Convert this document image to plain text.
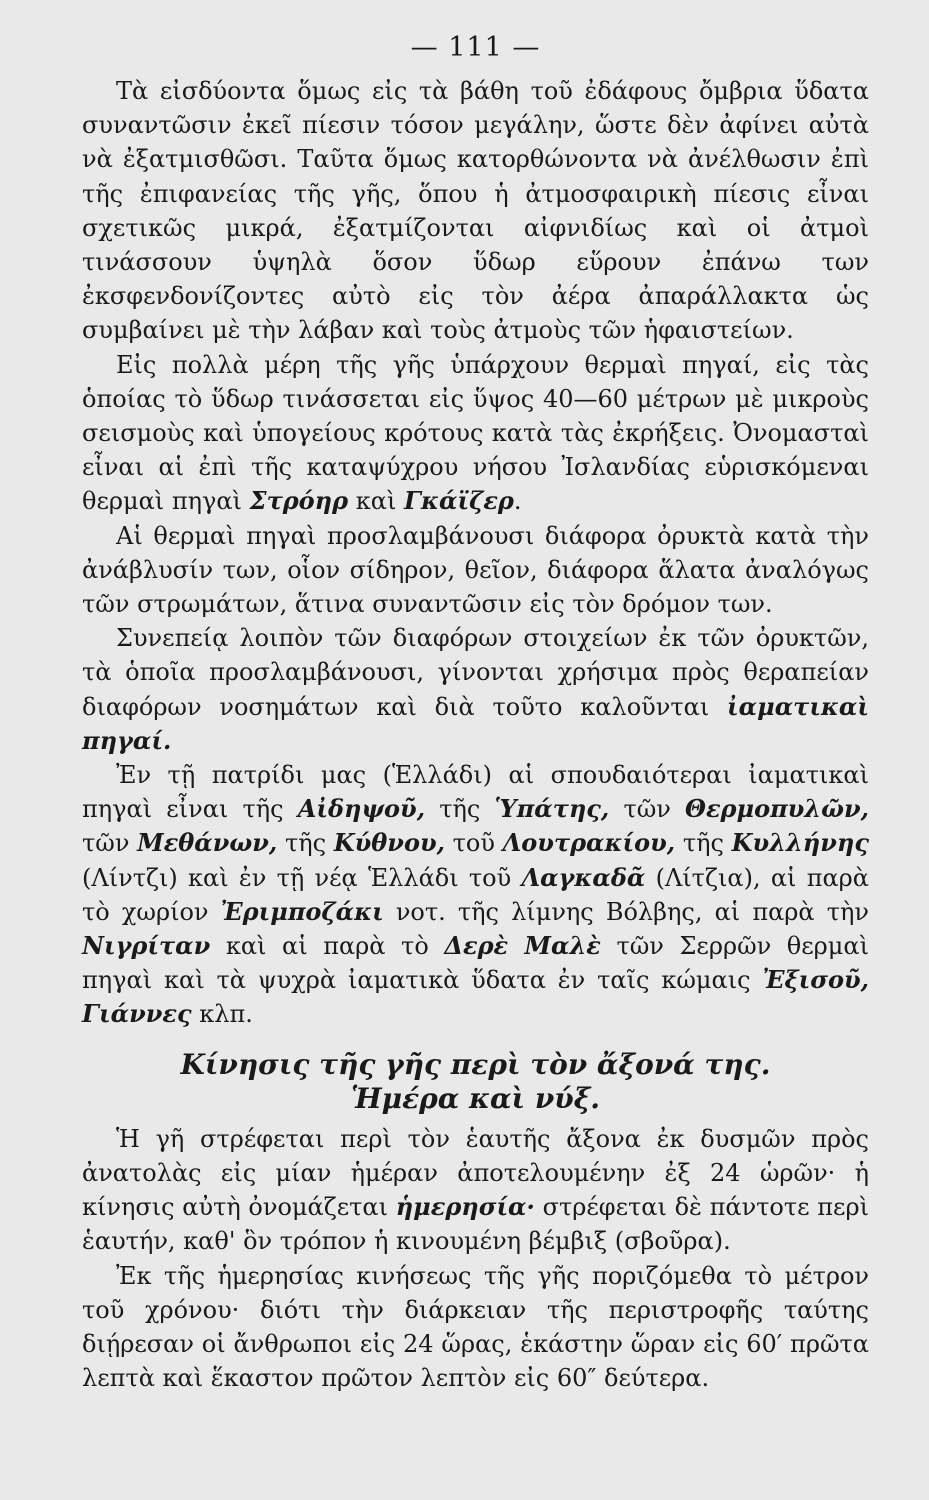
— 111 —

Τὰ εἰσδύοντα ὅμως εἰς τὰ βάθη τοῦ ἐδάφους ὄμβρια ὕδατα συναντῶσιν ἐκεῖ πίεσιν τόσον μεγάλην, ὥστε δὲν ἀφίνει αὐτὰ νὰ ἐξατμισθῶσι. Ταῦτα ὅμως κατορθώνοντα νὰ ἀνέλθωσιν ἐπὶ τῆς ἐπιφανείας τῆς γῆς, ὅπου ἡ ἀτμοσφαιρικὴ πίεσις εἶναι σχετικῶς μικρά, ἐξατμίζονται αἰφνιδίως καὶ οἱ ἀτμοὶ τινάσσουν ὑψηλὰ ὅσον ὕδωρ εὕρουν ἐπάνω των ἐκσφενδονίζοντες αὐτὸ εἰς τὸν ἀέρα ἀπαράλλακτα ὡς συμβαίνει μὲ τὴν λάβαν καὶ τοὺς ἀτμοὺς τῶν ἡφαιστείων.

Εἰς πολλὰ μέρη τῆς γῆς ὑπάρχουν θερμαὶ πηγαί, εἰς τὰς ὁποίας τὸ ὕδωρ τινάσσεται εἰς ὕψος 40—60 μέτρων μὲ μικροὺς σεισμοὺς καὶ ὑπογείους κρότους κατὰ τὰς ἐκρήξεις. Ὀνομασταὶ εἶναι αἱ ἐπὶ τῆς καταψύχρου νήσου Ἰσλανδίας εὑρισκόμεναι θερμαὶ πηγαὶ Στρόηρ καὶ Γκάϊζερ.

Αἱ θερμαὶ πηγαὶ προσλαμβάνουσι διάφορα ὀρυκτὰ κατὰ τὴν ἀνάβλυσίν των, οἷον σίδηρον, θεῖον, διάφορα ἅλατα ἀναλόγως τῶν στρωμάτων, ἅτινα συναντῶσιν εἰς τὸν δρόμον των.

Συνεπείᾳ λοιπὸν τῶν διαφόρων στοιχείων ἐκ τῶν ὀρυκτῶν, τὰ ὁποῖα προσλαμβάνουσι, γίνονται χρήσιμα πρὸς θεραπείαν διαφόρων νοσημάτων καὶ διὰ τοῦτο καλοῦνται ἰαματικαὶ πηγαί.

Ἐν τῇ πατρίδι μας (Ἑλλάδι) αἱ σπουδαιότεραι ἰαματικαὶ πηγαὶ εἶναι τῆς Αἰδηψοῦ, τῆς Ὑπάτης, τῶν Θερμοπυλῶν, τῶν Μεθάνων, τῆς Κύθνου, τοῦ Λουτρακίου, τῆς Κυλλήνης (Λίντζι) καὶ ἐν τῇ νέᾳ Ἑλλάδι τοῦ Λαγκαδᾶ (Λίτζια), αἱ παρὰ τὸ χωρίον Ἐριμποζάκι νοτ. τῆς λίμνης Βόλβης, αἱ παρὰ τὴν Νιγρίταν καὶ αἱ παρὰ τὸ Δερὲ Μαλὲ τῶν Σερρῶν θερμαὶ πηγαὶ καὶ τὰ ψυχρὰ ἰαματικὰ ὕδατα ἐν ταῖς κώμαις Ἐξισοῦ, Γιάννες κλπ.

Κίνησις τῆς γῆς περὶ τὸν ἄξονά της.
Ἡμέρα καὶ νύξ.

Ἡ γῆ στρέφεται περὶ τὸν ἑαυτῆς ἄξονα ἐκ δυσμῶν πρὸς ἀνατολὰς εἰς μίαν ἡμέραν ἀποτελουμένην ἐξ 24 ὡρῶν· ἡ κίνησις αὐτὴ ὀνομάζεται ἡμερησία· στρέφεται δὲ πάντοτε περὶ ἑαυτήν, καθ' ὃν τρόπον ἡ κινουμένη βέμβιξ (σβοῦρα).

Ἐκ τῆς ἡμερησίας κινήσεως τῆς γῆς ποριζόμεθα τὸ μέτρον τοῦ χρόνου· διότι τὴν διάρκειαν τῆς περιστροφῆς ταύτης διῄρεσαν οἱ ἄνθρωποι εἰς 24 ὥρας, ἑκάστην ὥραν εἰς 60′ πρῶτα λεπτὰ καὶ ἕκαστον πρῶτον λεπτὸν εἰς 60″ δεύτερα.
